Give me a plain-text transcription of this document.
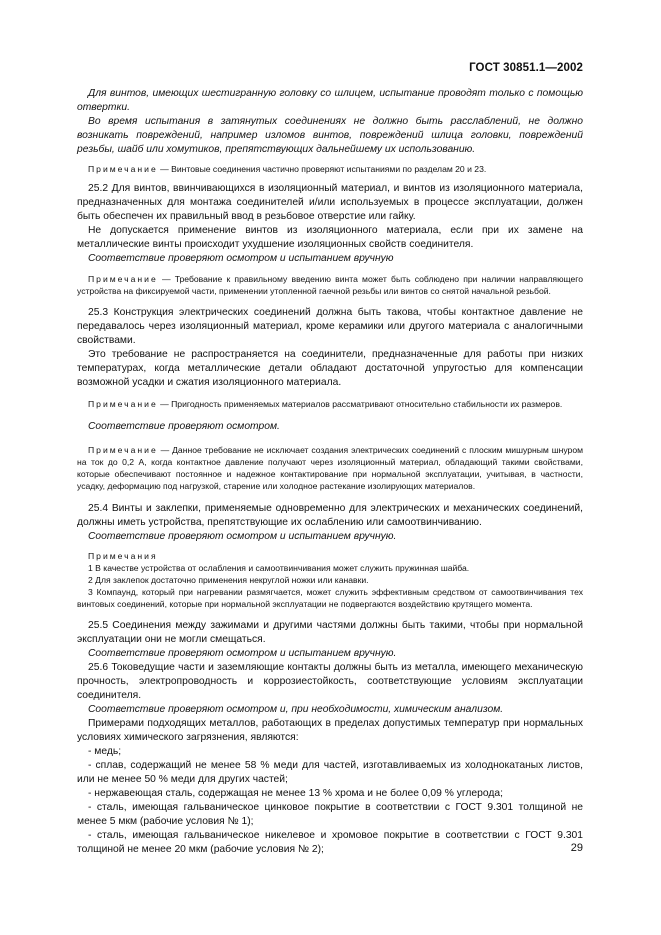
ГОСТ 30851.1—2002

Для винтов, имеющих шестигранную головку со шлицем, испытание проводят только с помощью отвертки.

Во время испытания в затянутых соединениях не должно быть расслаблений, не должно возникать повреждений, например изломов винтов, повреждений шлица головки, повреждений резьбы, шайб или хомутиков, препятствующих дальнейшему их использованию.

Примечание — Винтовые соединения частично проверяют испытаниями по разделам 20 и 23.

25.2 Для винтов, ввинчивающихся в изоляционный материал, и винтов из изоляционного материала, предназначенных для монтажа соединителей и/или используемых в процессе эксплуатации, должен быть обеспечен их правильный ввод в резьбовое отверстие или гайку.

Не допускается применение винтов из изоляционного материала, если при их замене на металлические винты происходит ухудшение изоляционных свойств соединителя.

Соответствие проверяют осмотром и испытанием вручную

Примечание — Требование к правильному введению винта может быть соблюдено при наличии направляющего устройства на фиксируемой части, применении утопленной гаечной резьбы или винтов со снятой начальной резьбой.

25.3 Конструкция электрических соединений должна быть такова, чтобы контактное давление не передавалось через изоляционный материал, кроме керамики или другого материала с аналогичными свойствами.

Это требование не распространяется на соединители, предназначенные для работы при низких температурах, когда металлические детали обладают достаточной упругостью для компенсации возможной усадки и сжатия изоляционного материала.

Примечание — Пригодность применяемых материалов рассматривают относительно стабильности их размеров.

Соответствие проверяют осмотром.

Примечание — Данное требование не исключает создания электрических соединений с плоским мишурным шнуром на ток до 0,2 А, когда контактное давление получают через изоляционный материал, обладающий такими свойствами, которые обеспечивают постоянное и надежное контактирование при нормальной эксплуатации, учитывая, в частности, усадку, деформацию под нагрузкой, старение или холодное растекание изолирующих материалов.

25.4 Винты и заклепки, применяемые одновременно для электрических и механических соединений, должны иметь устройства, препятствующие их ослаблению или самоотвинчиванию.

Соответствие проверяют осмотром и испытанием вручную.

Примечания

1 В качестве устройства от ослабления и самоотвинчивания может служить пружинная шайба.

2 Для заклепок достаточно применения некруглой ножки или канавки.

3 Компаунд, который при нагревании размягчается, может служить эффективным средством от самоотвинчивания тех винтовых соединений, которые при нормальной эксплуатации не подвергаются воздействию крутящего момента.

25.5 Соединения между зажимами и другими частями должны быть такими, чтобы при нормальной эксплуатации они не могли смещаться.

Соответствие проверяют осмотром и испытанием вручную.

25.6 Токоведущие части и заземляющие контакты должны быть из металла, имеющего механическую прочность, электропроводность и коррозиестойкость, соответствующие условиям эксплуатации соединителя.

Соответствие проверяют осмотром и, при необходимости, химическим анализом.

Примерами подходящих металлов, работающих в пределах допустимых температур при нормальных условиях химического загрязнения, являются:

- медь;

- сплав, содержащий не менее 58 % меди для частей, изготавливаемых из холоднокатаных листов, или не менее 50 % меди для других частей;

- нержавеющая сталь, содержащая не менее 13 % хрома и не более 0,09 % углерода;

- сталь, имеющая гальваническое цинковое покрытие в соответствии с ГОСТ 9.301 толщиной не менее 5 мкм (рабочие условия № 1);

- сталь, имеющая гальваническое никелевое и хромовое покрытие в соответствии с ГОСТ 9.301 толщиной не менее 20 мкм (рабочие условия № 2);	29
